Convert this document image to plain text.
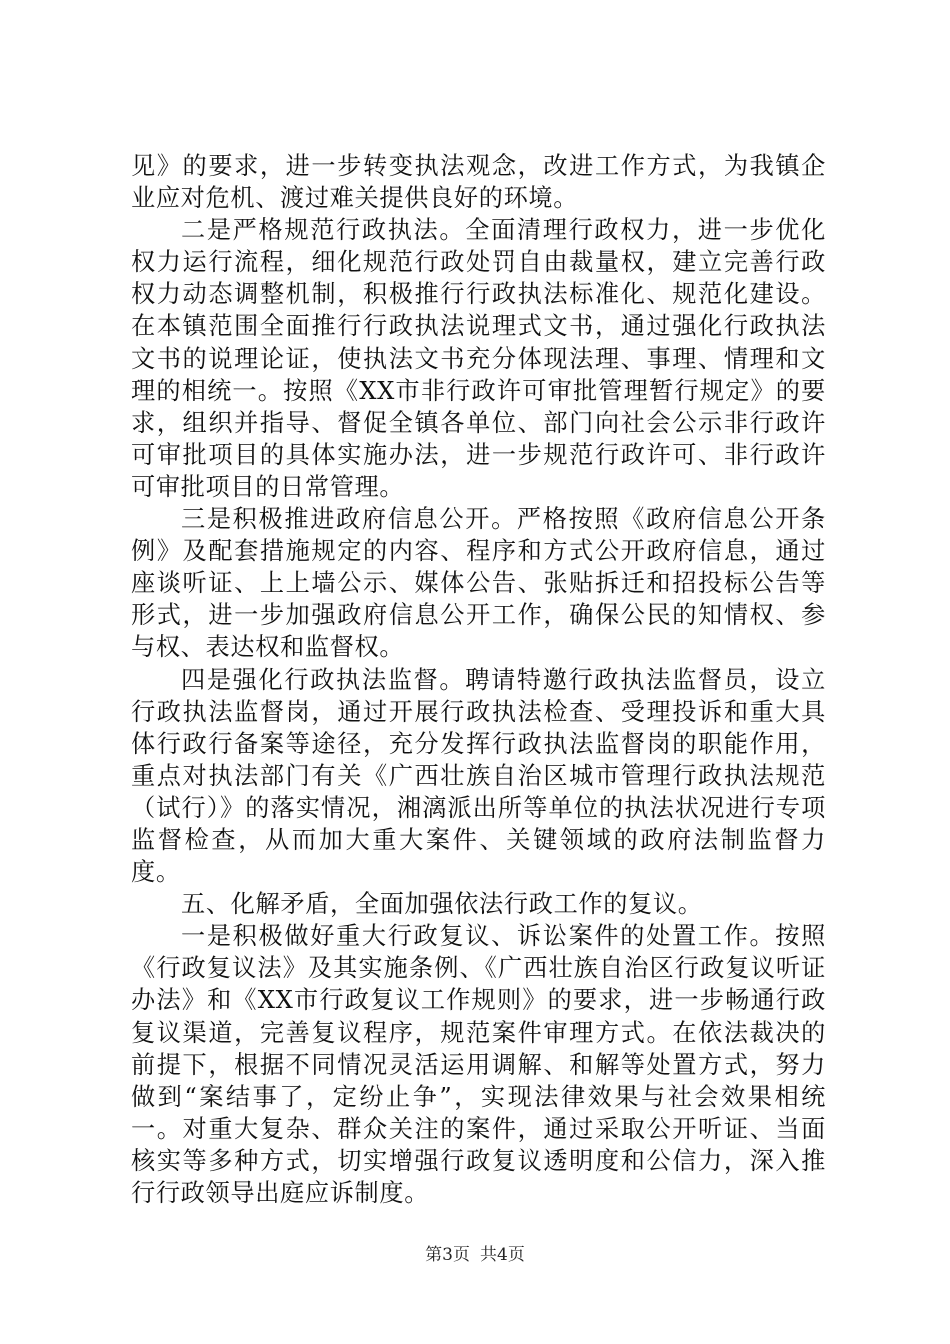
见》的要求，进一步转变执法观念，改进工作方式，为我镇企业应对危机、渡过难关提供良好的环境。

二是严格规范行政执法。全面清理行政权力，进一步优化权力运行流程，细化规范行政处罚自由裁量权，建立完善行政权力动态调整机制，积极推行行政执法标准化、规范化建设。在本镇范围全面推行行政执法说理式文书，通过强化行政执法文书的说理论证，使执法文书充分体现法理、事理、情理和文理的相统一。按照《XX市非行政许可审批管理暂行规定》的要求，组织并指导、督促全镇各单位、部门向社会公示非行政许可审批项目的具体实施办法，进一步规范行政许可、非行政许可审批项目的日常管理。

三是积极推进政府信息公开。严格按照《政府信息公开条例》及配套措施规定的内容、程序和方式公开政府信息，通过座谈听证、上上墙公示、媒体公告、张贴拆迁和招投标公告等形式，进一步加强政府信息公开工作，确保公民的知情权、参与权、表达权和监督权。

四是强化行政执法监督。聘请特邀行政执法监督员，设立行政执法监督岗，通过开展行政执法检查、受理投诉和重大具体行政行备案等途径，充分发挥行政执法监督岗的职能作用，重点对执法部门有关《广西壮族自治区城市管理行政执法规范（试行）》的落实情况，湘漓派出所等单位的执法状况进行专项监督检查，从而加大重大案件、关键领域的政府法制监督力度。

五、化解矛盾，全面加强依法行政工作的复议。

一是积极做好重大行政复议、诉讼案件的处置工作。按照《行政复议法》及其实施条例、《广西壮族自治区行政复议听证办法》和《XX市行政复议工作规则》的要求，进一步畅通行政复议渠道，完善复议程序，规范案件审理方式。在依法裁决的前提下，根据不同情况灵活运用调解、和解等处置方式，努力做到“案结事了，定纷止争”，实现法律效果与社会效果相统一。对重大复杂、群众关注的案件，通过采取公开听证、当面核实等多种方式，切实增强行政复议透明度和公信力，深入推行行政领导出庭应诉制度。

第3页 共4页
